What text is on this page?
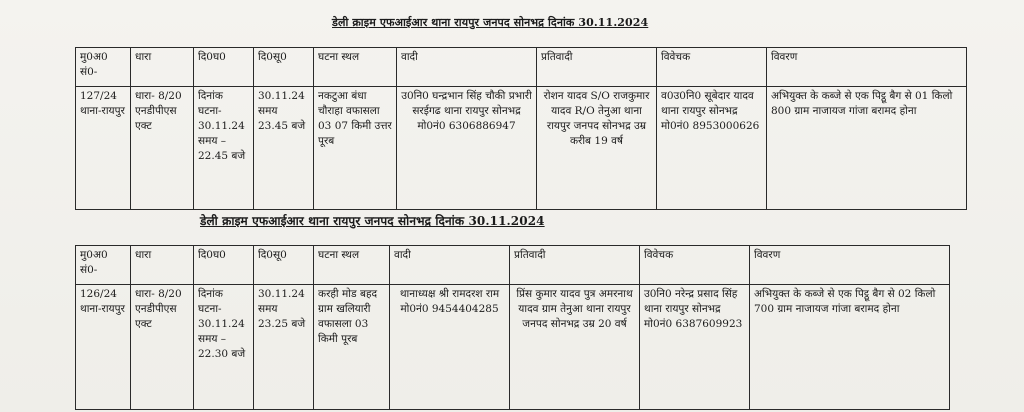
डेली क्राइम एफआईआर थाना रायपुर जनपद सोनभद्र दिनांक 30.11.2024
मु0अ0 सं0-	धारा	दि0घ0	दि0सू0	घटना स्थल	वादी	प्रतिवादी	विवेचक	विवरण
127/24 थाना-रायपुर	धारा- 8/20 एनडीपीएस एक्ट	दिनांक घटना- 30.11.24 समय – 22.45 बजे	30.11.24 समय 23.45 बजे	नकटुआ बंधा चौराहा वफासला 03 07 किमी उत्तर पूरब	उ0नि0 घन्द्रभान सिंह चौकी प्रभारी सरईगढ थाना रायपुर सोनभद्र मो0नं0 6306886947	रोशन यादव S/O राजकुमार यादव R/O तेनुआ थाना रायपुर जनपद सोनभद्र उम्र करीब 19 वर्ष	व0उ0नि0 सूबेदार यादव थाना रायपुर सोनभद्र मो0नं0 8953000626	अभियुक्त के कब्जे से एक पिट्ठू बैग से 01 किलो 800 ग्राम नाजायज गांजा बरामद होना
डेली क्राइम एफआईआर थाना रायपुर जनपद सोनभद्र दिनांक 30.11.2024
मु0अ0 सं0-	धारा	दि0घ0	दि0सू0	घटना स्थल	वादी	प्रतिवादी	विवेचक	विवरण
126/24 थाना-रायपुर	धारा- 8/20 एनडीपीएस एक्ट	दिनांक घटना- 30.11.24 समय – 22.30 बजे	30.11.24 समय 23.25 बजे	करही मोड बहद ग्राम खलियारी वफासला 03 किमी पूरब	थानाध्यक्ष श्री रामदरश राम मो0नं0 9454404285	प्रिंस कुमार यादव पुत्र अमरनाथ यादव ग्राम तेनुआ थाना रायपुर जनपद सोनभद्र उम्र 20 वर्ष	उ0नि0 नरेन्द्र प्रसाद सिंह थाना रायपुर सोनभद्र मो0नं0 6387609923	अभियुक्त के कब्जे से एक पिट्ठू बैग से 02 किलो 700 ग्राम नाजायज गांजा बरामद होना
